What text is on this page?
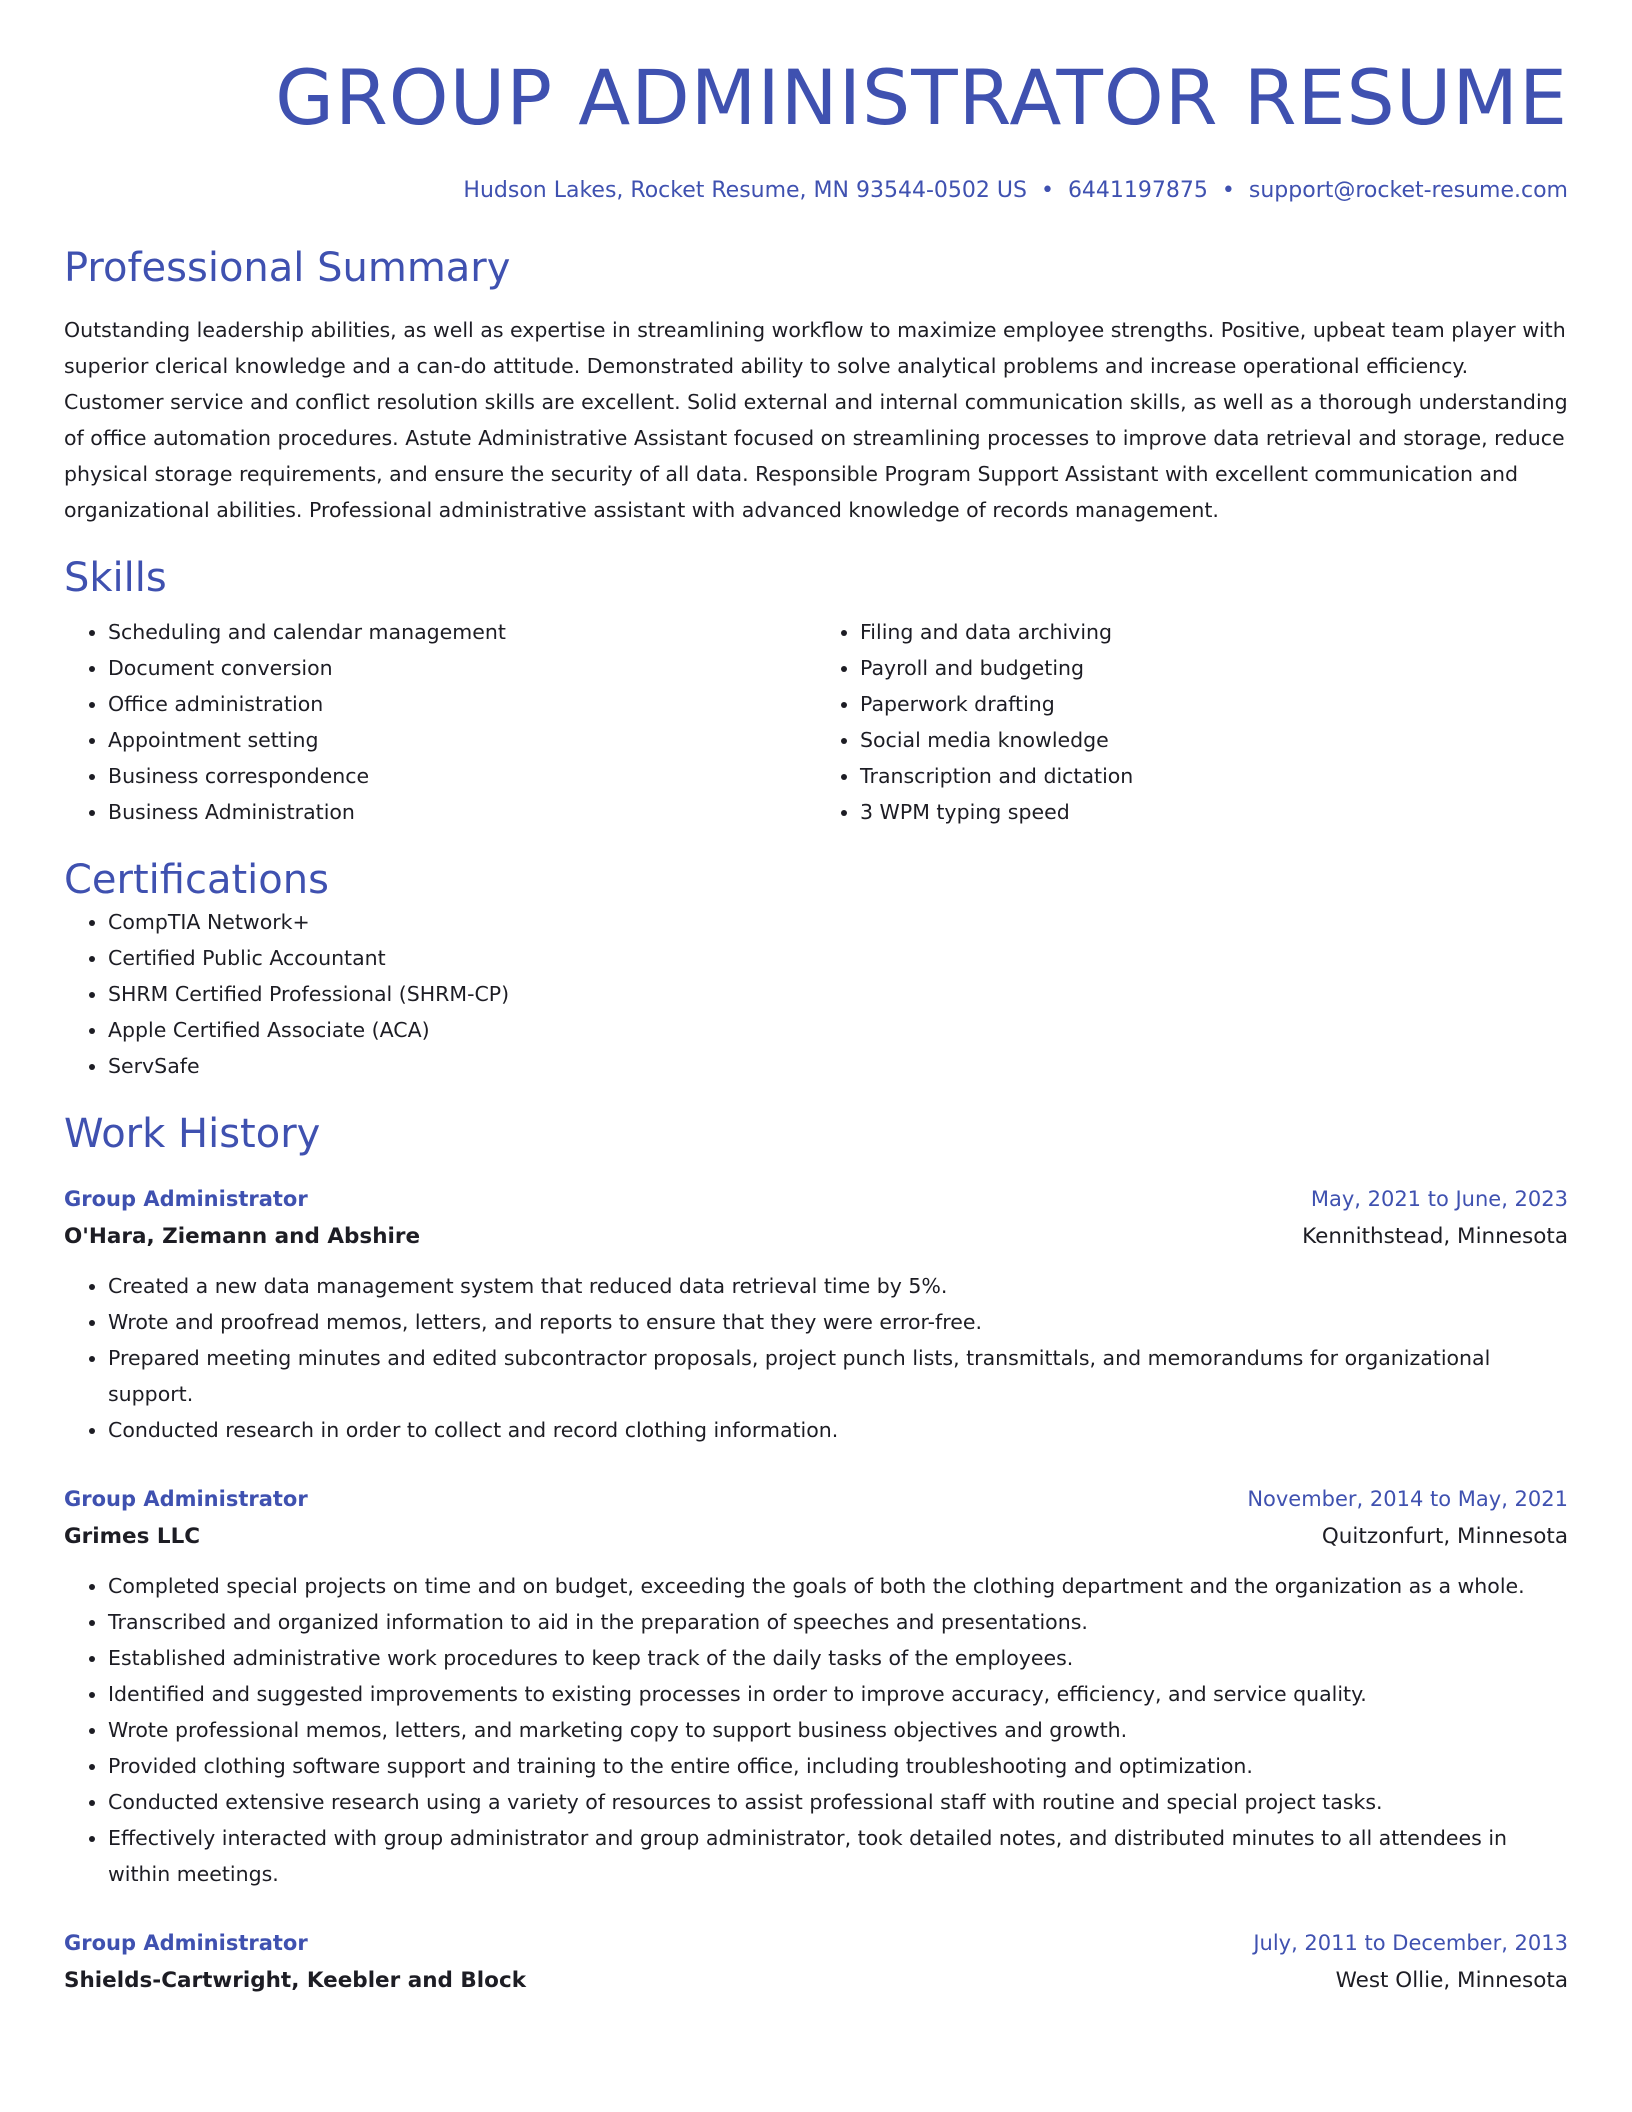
GROUP ADMINISTRATOR RESUME
Hudson Lakes, Rocket Resume, MN 93544-0502 US • 6441197875 • support@rocket-resume.com
Professional Summary

Outstanding leadership abilities, as well as expertise in streamlining workflow to maximize employee strengths. Positive, upbeat team player with superior clerical knowledge and a can-do attitude. Demonstrated ability to solve analytical problems and increase operational efficiency. Customer service and conflict resolution skills are excellent. Solid external and internal communication skills, as well as a thorough understanding of office automation procedures. Astute Administrative Assistant focused on streamlining processes to improve data retrieval and storage, reduce physical storage requirements, and ensure the security of all data. Responsible Program Support Assistant with excellent communication and organizational abilities. Professional administrative assistant with advanced knowledge of records management.

Skills
• Scheduling and calendar management
• Document conversion
• Office administration
• Appointment setting
• Business correspondence
• Business Administration
• Filing and data archiving
• Payroll and budgeting
• Paperwork drafting
• Social media knowledge
• Transcription and dictation
• 3 WPM typing speed
Certifications
• CompTIA Network+
• Certified Public Accountant
• SHRM Certified Professional (SHRM-CP)
• Apple Certified Associate (ACA)
• ServSafe
Work History
Group Administrator	May, 2021 to June, 2023
O'Hara, Ziemann and Abshire	Kennithstead, Minnesota
• Created a new data management system that reduced data retrieval time by 5%.
• Wrote and proofread memos, letters, and reports to ensure that they were error-free.
• Prepared meeting minutes and edited subcontractor proposals, project punch lists, transmittals, and memorandums for organizational support.
• Conducted research in order to collect and record clothing information.
Group Administrator	November, 2014 to May, 2021
Grimes LLC	Quitzonfurt, Minnesota
• Completed special projects on time and on budget, exceeding the goals of both the clothing department and the organization as a whole.
• Transcribed and organized information to aid in the preparation of speeches and presentations.
• Established administrative work procedures to keep track of the daily tasks of the employees.
• Identified and suggested improvements to existing processes in order to improve accuracy, efficiency, and service quality.
• Wrote professional memos, letters, and marketing copy to support business objectives and growth.
• Provided clothing software support and training to the entire office, including troubleshooting and optimization.
• Conducted extensive research using a variety of resources to assist professional staff with routine and special project tasks.
• Effectively interacted with group administrator and group administrator, took detailed notes, and distributed minutes to all attendees in within meetings.
Group Administrator	July, 2011 to December, 2013
Shields-Cartwright, Keebler and Block	West Ollie, Minnesota
